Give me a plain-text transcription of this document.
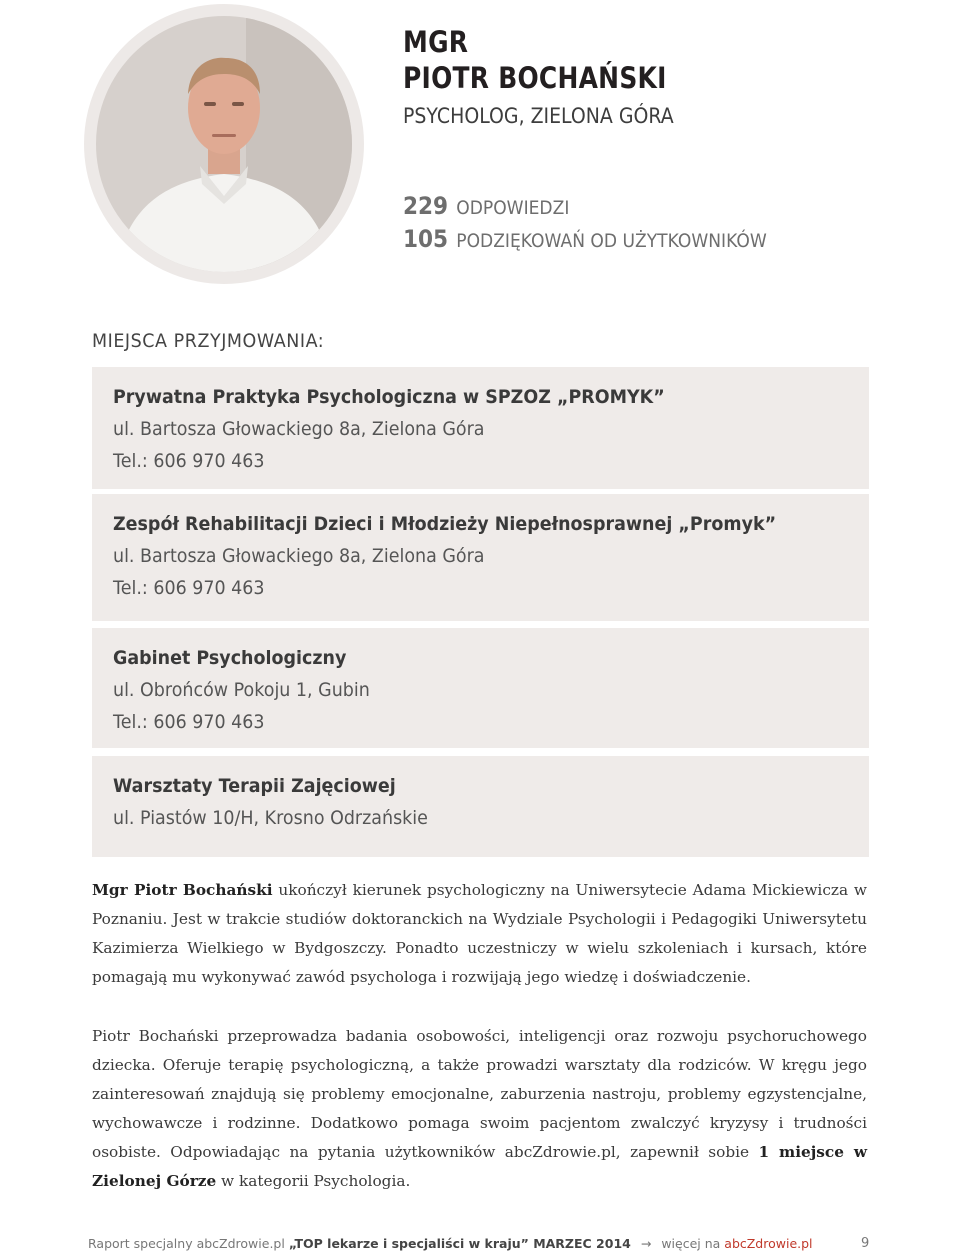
MGR
PIOTR BOCHAŃSKI
PSYCHOLOG, ZIELONA GÓRA
229 ODPOWIEDZI
105 PODZIĘKOWAŃ OD UŻYTKOWNIKÓW
MIEJSCA PRZYJMOWANIA:
Prywatna Praktyka Psychologiczna w SPZOZ „PROMYK”
ul. Bartosza Głowackiego 8a, Zielona Góra
Tel.: 606 970 463
Zespół Rehabilitacji Dzieci i Młodzieży Niepełnosprawnej „Promyk”
ul. Bartosza Głowackiego 8a, Zielona Góra
Tel.: 606 970 463
Gabinet Psychologiczny
ul. Obrońców Pokoju 1, Gubin
Tel.: 606 970 463
Warsztaty Terapii Zajęciowej
ul. Piastów 10/H, Krosno Odrzańskie

Mgr Piotr Bochański ukończył kierunek psychologiczny na Uniwersytecie Adama Mickiewicza w Poznaniu. Jest w trakcie studiów doktoranckich na Wydziale Psychologii i Pedagogiki Uniwersytetu Kazimierza Wielkiego w Bydgoszczy. Ponadto uczestniczy w wielu szkoleniach i kursach, które pomagają mu wykonywać zawód psychologa i rozwijają jego wiedzę i doświadczenie.

Piotr Bochański przeprowadza badania osobowości, inteligencji oraz rozwoju psychoruchowego dziecka. Oferuje terapię psychologiczną, a także prowadzi warsztaty dla rodziców. W kręgu jego zainteresowań znajdują się problemy emocjonalne, zaburzenia nastroju, problemy egzystencjalne, wychowawcze i rodzinne. Dodatkowo pomaga swoim pacjentom zwalczyć kryzysy i trudności osobiste. Odpowiadając na pytania użytkowników abcZdrowie.pl, zapewnił sobie 1 miejsce w Zielonej Górze w kategorii Psychologia.

Raport specjalny abcZdrowie.pl „TOP lekarze i specjaliści w kraju” MARZEC 2014 → więcej na abcZdrowie.pl	9
